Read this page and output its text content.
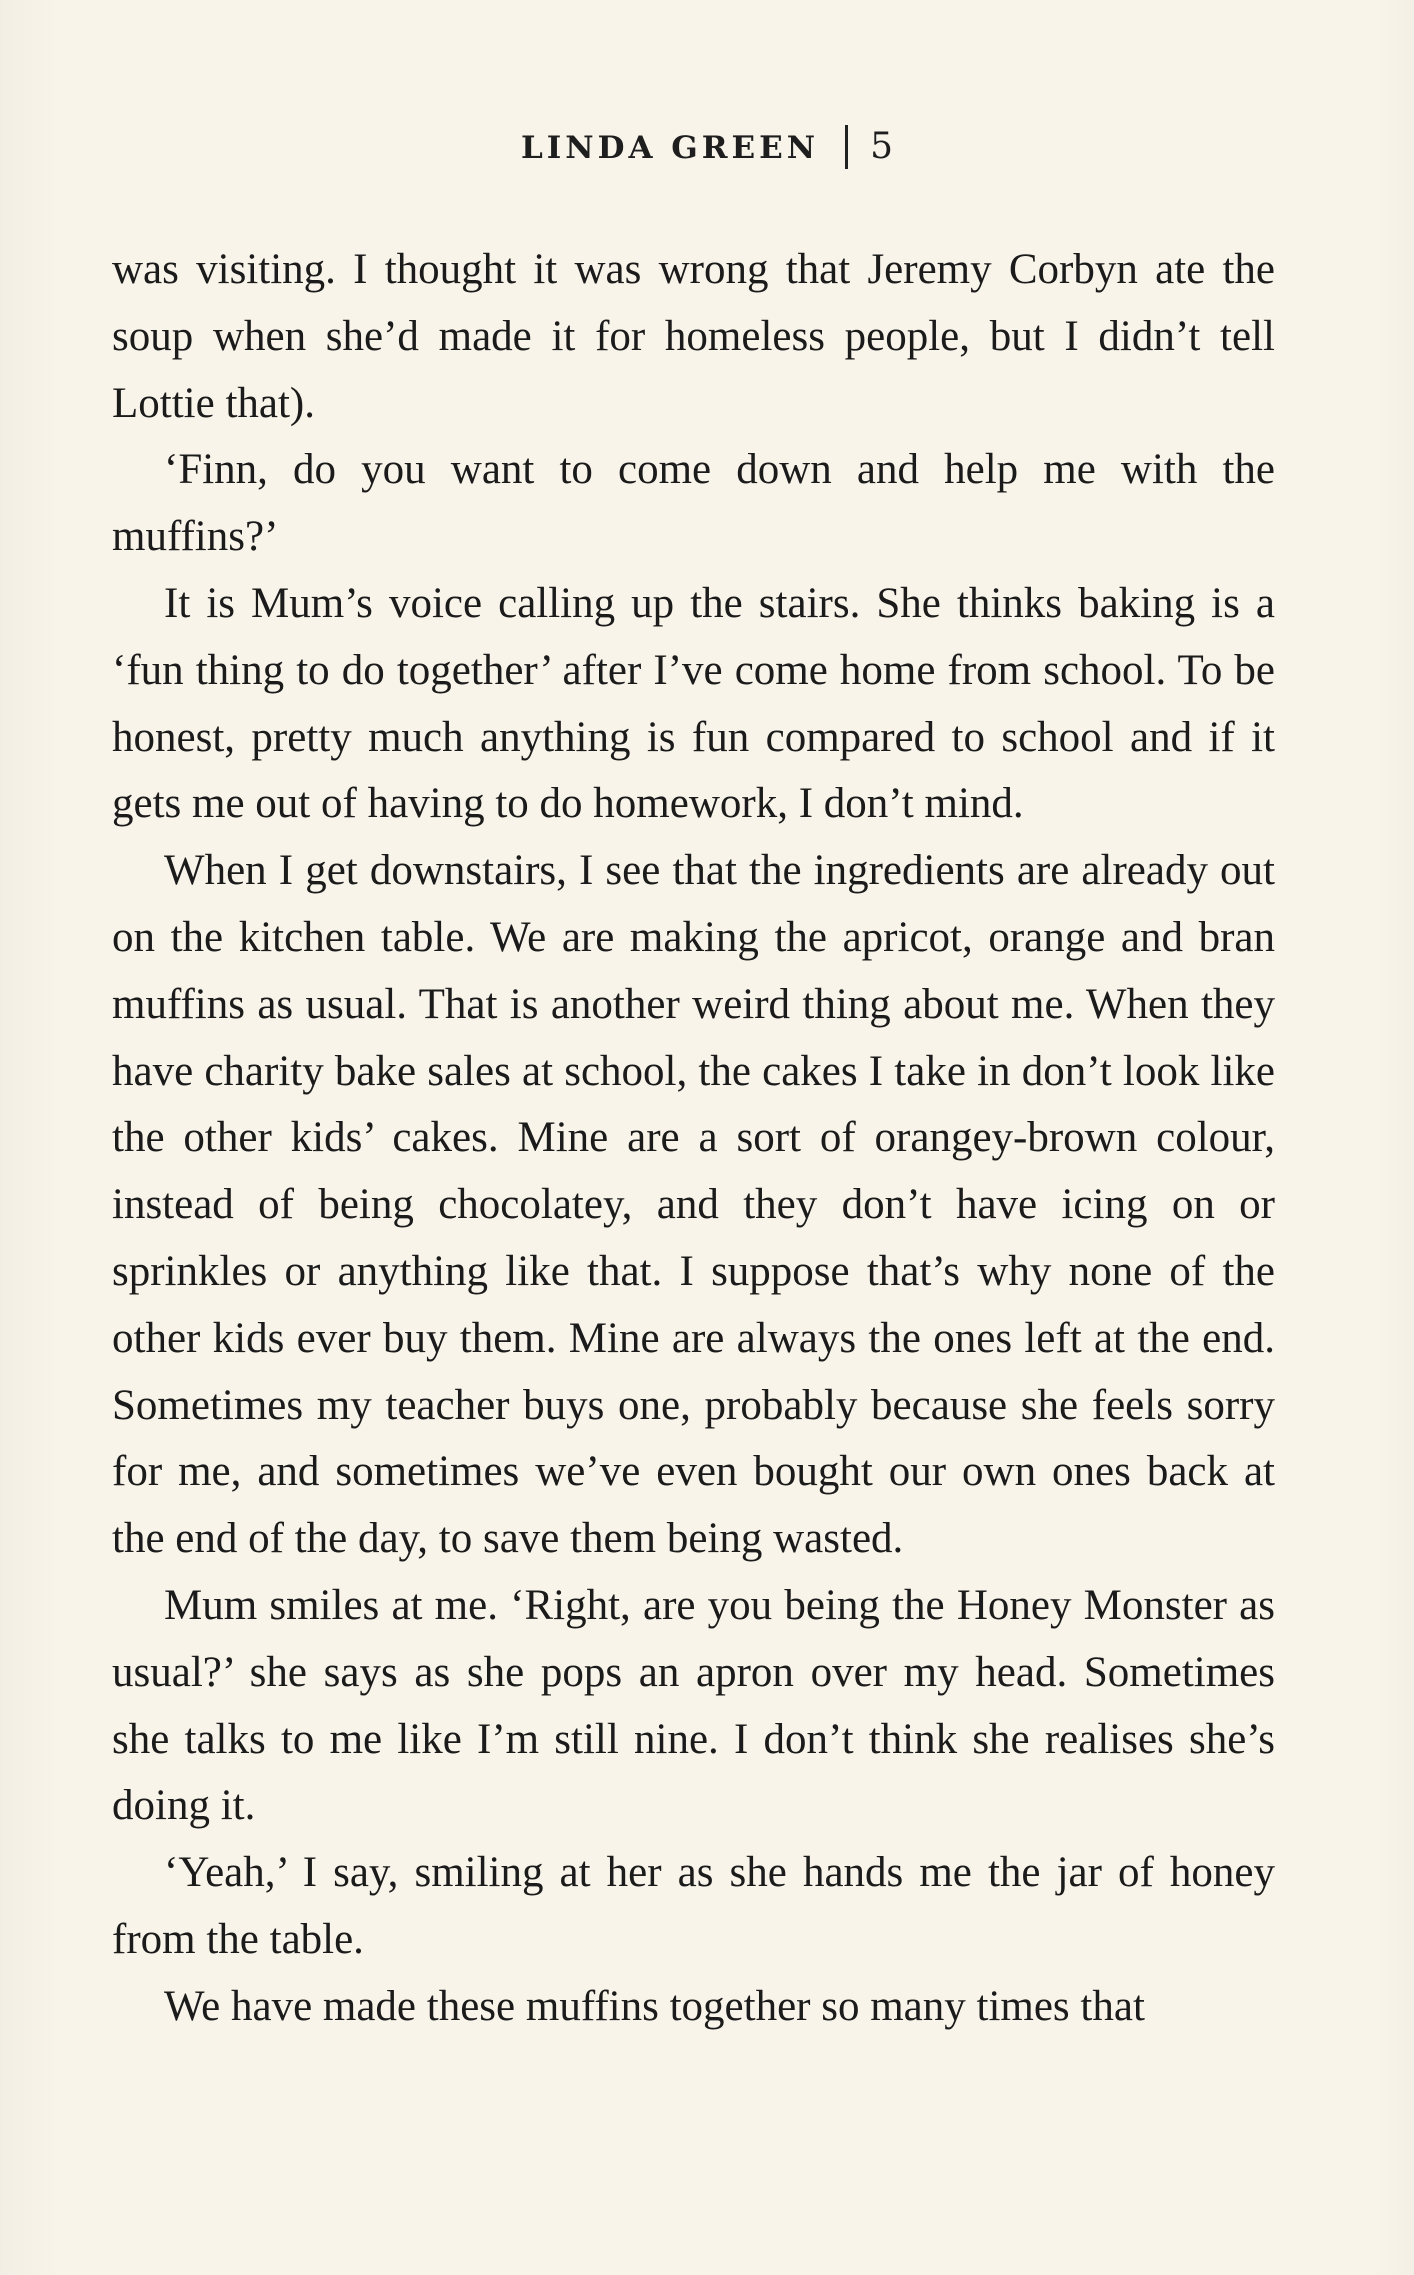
LINDA GREEN 5

was visiting. I thought it was wrong that Jeremy Corbyn ate the soup when she’d made it for homeless people, but I didn’t tell Lottie that).

‘Finn, do you want to come down and help me with the muffins?’

It is Mum’s voice calling up the stairs. She thinks baking is a ‘fun thing to do together’ after I’ve come home from school. To be honest, pretty much anything is fun compared to school and if it gets me out of having to do homework, I don’t mind.

When I get downstairs, I see that the ingredients are already out on the kitchen table. We are making the apricot, orange and bran muffins as usual. That is another weird thing about me. When they have charity bake sales at school, the cakes I take in don’t look like the other kids’ cakes. Mine are a sort of orangey-brown colour, instead of being chocolatey, and they don’t have icing on or sprinkles or anything like that. I suppose that’s why none of the other kids ever buy them. Mine are always the ones left at the end. Sometimes my teacher buys one, probably because she feels sorry for me, and sometimes we’ve even bought our own ones back at the end of the day, to save them being wasted.

Mum smiles at me. ‘Right, are you being the Honey Monster as usual?’ she says as she pops an apron over my head. Sometimes she talks to me like I’m still nine. I don’t think she realises she’s doing it.

‘Yeah,’ I say, smiling at her as she hands me the jar of honey from the table.

We have made these muffins together so many times that
